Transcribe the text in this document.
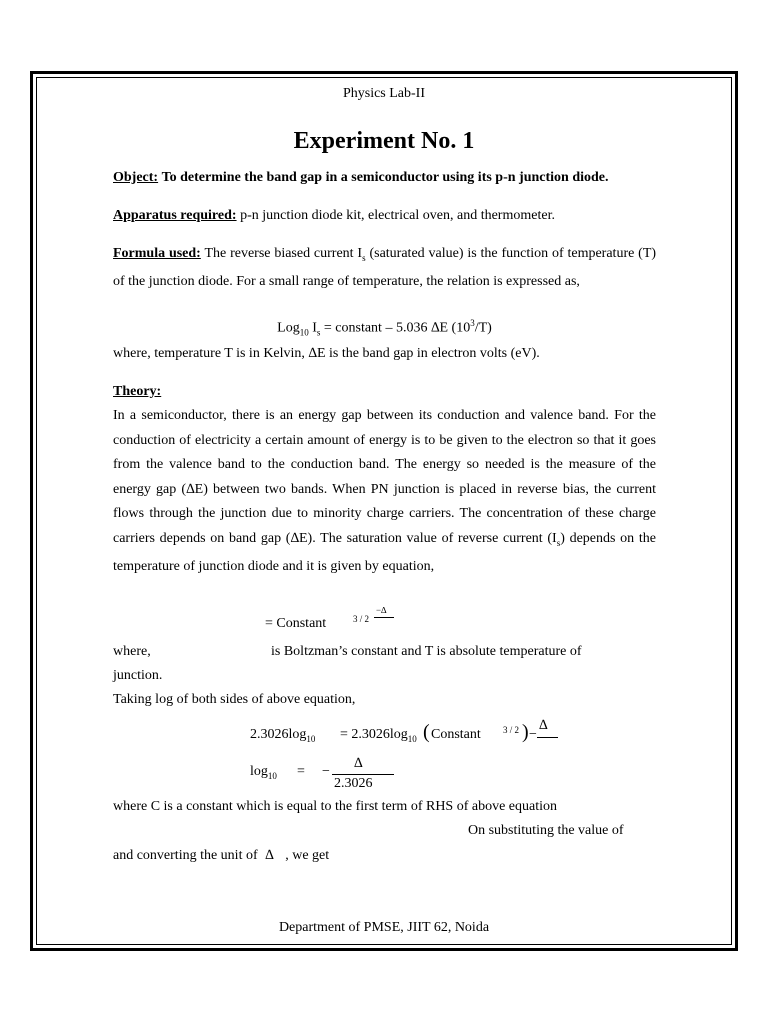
Physics Lab-II
Experiment No. 1
Object: To determine the band gap in a semiconductor using its p-n junction diode.
Apparatus required: p-n junction diode kit, electrical oven, and thermometer.
Formula used: The reverse biased current $I_s$ (saturated value) is the function of temperature (T) of the junction diode. For a small range of temperature, the relation is expressed as,
Log$_{10}$ $I_s$ = constant – 5.036 ∆E $(10^3/T)$
where, temperature T is in Kelvin, ∆E is the band gap in electron volts (eV).
Theory:
In a semiconductor, there is an energy gap between its conduction and valence band. For the conduction of electricity a certain amount of energy is to be given to the electron so that it goes from the valence band to the conduction band. The energy so needed is the measure of the energy gap (∆E) between two bands. When PN junction is placed in reverse bias, the current flows through the junction due to minority charge carriers. The concentration of these charge carriers depends on band gap (∆E). The saturation value of reverse current $(I_s)$ depends on the temperature of junction diode and it is given by equation,
= Constant	3 / 2
−∆
where,	is Boltzman’s constant and T is absolute temperature of
junction.
Taking log of both sides of above equation,
$2.3026\log_{10} = 2.3026\log_{10}$ ( Constant 3 / 2 ) −
∆
$\log_{10}$ = −
∆
2.3026
where C is a constant which is equal to the first term of RHS of above equation
On substituting the value of
and converting the unit of ∆ , we get
Department of PMSE, JIIT 62, Noida
